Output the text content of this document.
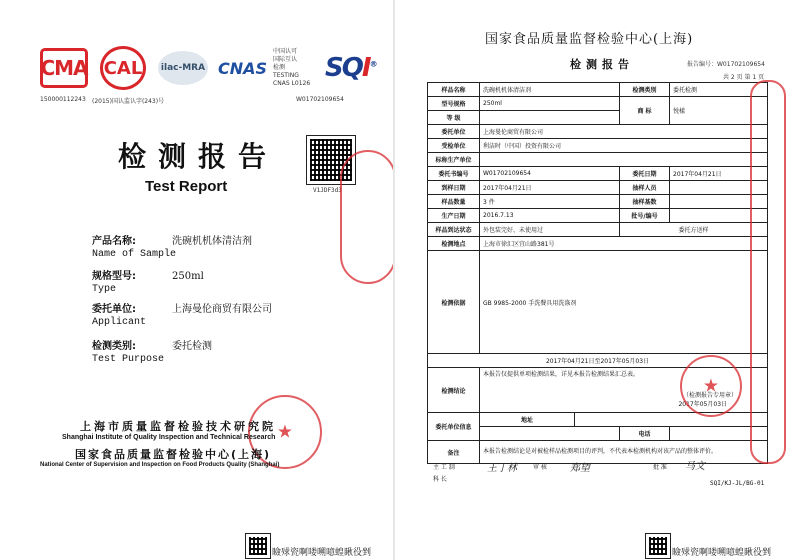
CMA CAL	ilac-MRA CNAS
中国认可
国际互认
检测
TESTING
CNAS L0126
SQI®
150000112243 (2015)国认监认字(243)号	W01702109654
检测报告
Test Report	V1JDF3d3
产品名称:
Name of Sample
洗碗机机体清洁剂
规格型号:
Type
250ml
委托单位:
Applicant
上海曼伦商贸有限公司
检测类别:
Test Purpose
委托检测
★
上海市质量监督检验技术研究院
Shanghai Institute of Quality Inspection and Technical Research
国家食品质量监督检验中心(上海)
National Center of Supervision and Inspection on Food Products Quality (Shanghai)
瞼殏瓷啊喽嗍噫蝗瞅役剉
国家食品质量监督检验中心(上海)
检测报告	报告编号：W01702109654
共 2 页 第 1 页
样品名称	洗碗机机体清洁剂		检测类别	委托检测
型号规格	250ml		商 标	悦樣
等 级				
委托单位	上海曼伦商贸有限公司			
受检单位	利洁时（中国）投资有限公司			
标称生产单位				
委托书编号	W01702109654		委托日期	2017年04月21日
到样日期	2017年04月21日		抽样人员	
样品数量	3 件		抽样基数	
生产日期	2016.7.13		批号/编号	
样品到达状态	外包装完好、未使用过		委托方送样	
检测地点	上海市徐汇区宜山路381号			
检测依据	GB 9985-2000 手洗餐具用洗涤剂			
2017年04月21日至2017年05月03日				
检测结论	本报告仅提供单项检测结果，详见本报告检测结果汇总表。
（检测报告专用章）
2017年05月03日			

委托单位信息	地址			
			电话	
备注	本报告检测结论是对被检样品检测项目的评判，不代表本检测机构对该产品的整体评价。			
★
主 工 制	王丁林
科 长
审 核 郑望	批 准 马文
SQI/KJ-JL/BG-01
瞼殏瓷啊喽嗍噫蝗瞅役剉
